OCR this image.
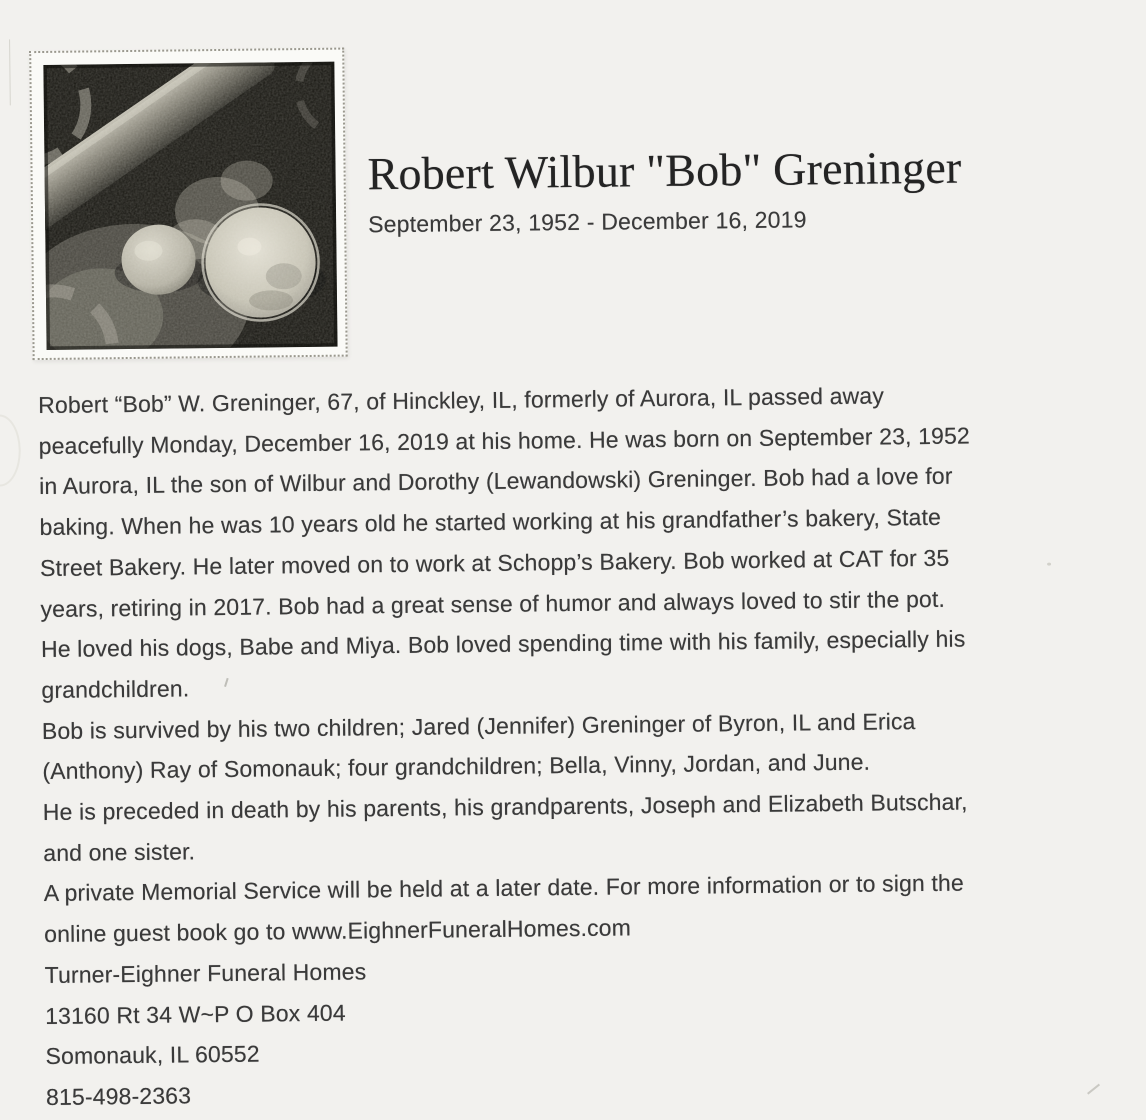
Robert Wilbur "Bob" Greninger
September 23, 1952 - December 16, 2019
Robert “Bob” W. Greninger, 67, of Hinckley, IL, formerly of Aurora, IL passed away
peacefully Monday, December 16, 2019 at his home. He was born on September 23, 1952
in Aurora, IL the son of Wilbur and Dorothy (Lewandowski) Greninger. Bob had a love for
baking. When he was 10 years old he started working at his grandfather’s bakery, State
Street Bakery. He later moved on to work at Schopp’s Bakery. Bob worked at CAT for 35
years, retiring in 2017. Bob had a great sense of humor and always loved to stir the pot.
He loved his dogs, Babe and Miya. Bob loved spending time with his family, especially his
grandchildren.
Bob is survived by his two children; Jared (Jennifer) Greninger of Byron, IL and Erica
(Anthony) Ray of Somonauk; four grandchildren; Bella, Vinny, Jordan, and June.
He is preceded in death by his parents, his grandparents, Joseph and Elizabeth Butschar,
and one sister.
A private Memorial Service will be held at a later date. For more information or to sign the
online guest book go to www.EighnerFuneralHomes.com
Turner-Eighner Funeral Homes
13160 Rt 34 W~P O Box 404
Somonauk, IL 60552
815-498-2363
